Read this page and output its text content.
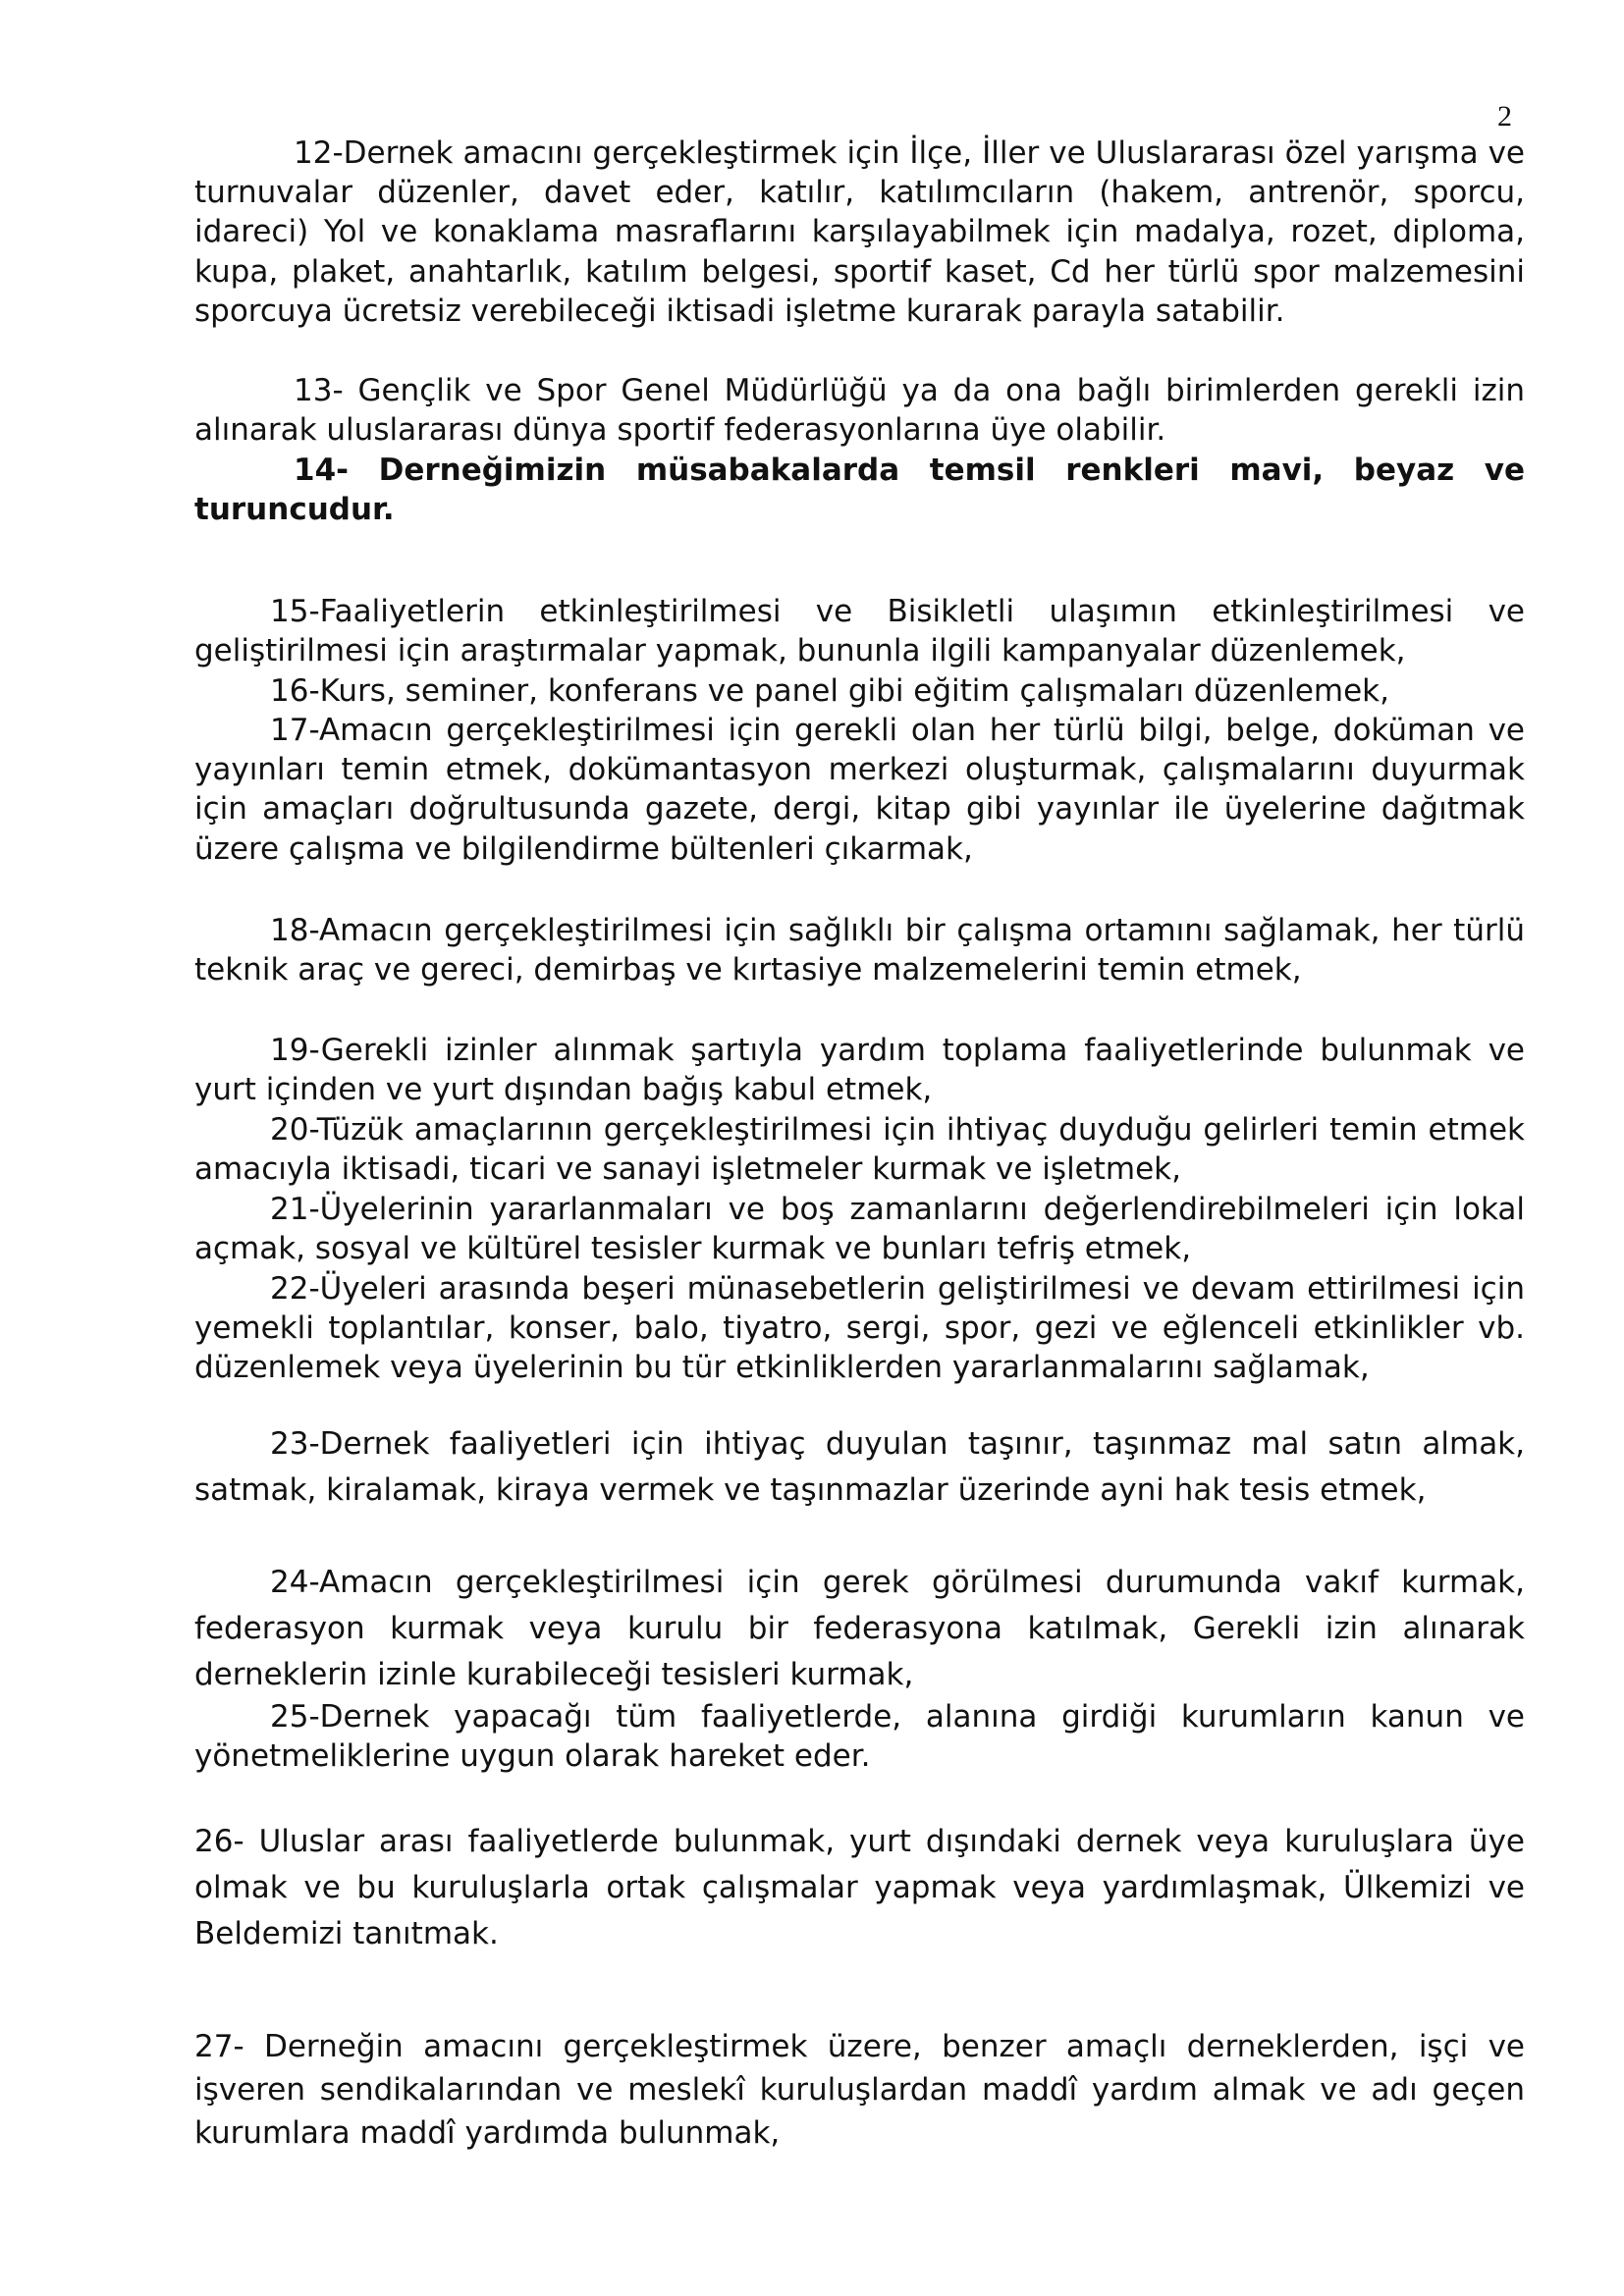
2

12-Dernek amacını gerçekleştirmek için İlçe, İller ve Uluslararası özel yarışma ve turnuvalar düzenler, davet eder, katılır, katılımcıların (hakem, antrenör, sporcu, idareci) Yol ve konaklama masraflarını karşılayabilmek için madalya, rozet, diploma, kupa, plaket, anahtarlık, katılım belgesi, sportif kaset, Cd her türlü spor malzemesini sporcuya ücretsiz verebileceği iktisadi işletme kurarak parayla satabilir.

13- Gençlik ve Spor Genel Müdürlüğü ya da ona bağlı birimlerden gerekli izin alınarak uluslararası dünya sportif federasyonlarına üye olabilir.

14- Derneğimizin müsabakalarda temsil renkleri mavi, beyaz ve turuncudur.

15-Faaliyetlerin etkinleştirilmesi ve Bisikletli ulaşımın etkinleştirilmesi ve geliştirilmesi için araştırmalar yapmak, bununla ilgili kampanyalar düzenlemek,

16-Kurs, seminer, konferans ve panel gibi eğitim çalışmaları düzenlemek,

17-Amacın gerçekleştirilmesi için gerekli olan her türlü bilgi, belge, doküman ve yayınları temin etmek, dokümantasyon merkezi oluşturmak, çalışmalarını duyurmak için amaçları doğrultusunda gazete, dergi, kitap gibi yayınlar ile üyelerine dağıtmak üzere çalışma ve bilgilendirme bültenleri çıkarmak,

18-Amacın gerçekleştirilmesi için sağlıklı bir çalışma ortamını sağlamak, her türlü teknik araç ve gereci, demirbaş ve kırtasiye malzemelerini temin etmek,

19-Gerekli izinler alınmak şartıyla yardım toplama faaliyetlerinde bulunmak ve yurt içinden ve yurt dışından bağış kabul etmek,

20-Tüzük amaçlarının gerçekleştirilmesi için ihtiyaç duyduğu gelirleri temin etmek amacıyla iktisadi, ticari ve sanayi işletmeler kurmak ve işletmek,

21-Üyelerinin yararlanmaları ve boş zamanlarını değerlendirebilmeleri için lokal açmak, sosyal ve kültürel tesisler kurmak ve bunları tefriş etmek,

22-Üyeleri arasında beşeri münasebetlerin geliştirilmesi ve devam ettirilmesi için yemekli toplantılar, konser, balo, tiyatro, sergi, spor, gezi ve eğlenceli etkinlikler vb. düzenlemek veya üyelerinin bu tür etkinliklerden yararlanmalarını sağlamak,

23-Dernek faaliyetleri için ihtiyaç duyulan taşınır, taşınmaz mal satın almak, satmak, kiralamak, kiraya vermek ve taşınmazlar üzerinde ayni hak tesis etmek,

24-Amacın gerçekleştirilmesi için gerek görülmesi durumunda vakıf kurmak, federasyon kurmak veya kurulu bir federasyona katılmak, Gerekli izin alınarak derneklerin izinle kurabileceği tesisleri kurmak,

25-Dernek yapacağı tüm faaliyetlerde, alanına girdiği kurumların kanun ve yönetmeliklerine uygun olarak hareket eder.

26- Uluslar arası faaliyetlerde bulunmak, yurt dışındaki dernek veya kuruluşlara üye olmak ve bu kuruluşlarla ortak çalışmalar yapmak veya yardımlaşmak, Ülkemizi ve Beldemizi tanıtmak.

27- Derneğin amacını gerçekleştirmek üzere, benzer amaçlı derneklerden, işçi ve işveren sendikalarından ve meslekî kuruluşlardan maddî yardım almak ve adı geçen kurumlara maddî yardımda bulunmak,
